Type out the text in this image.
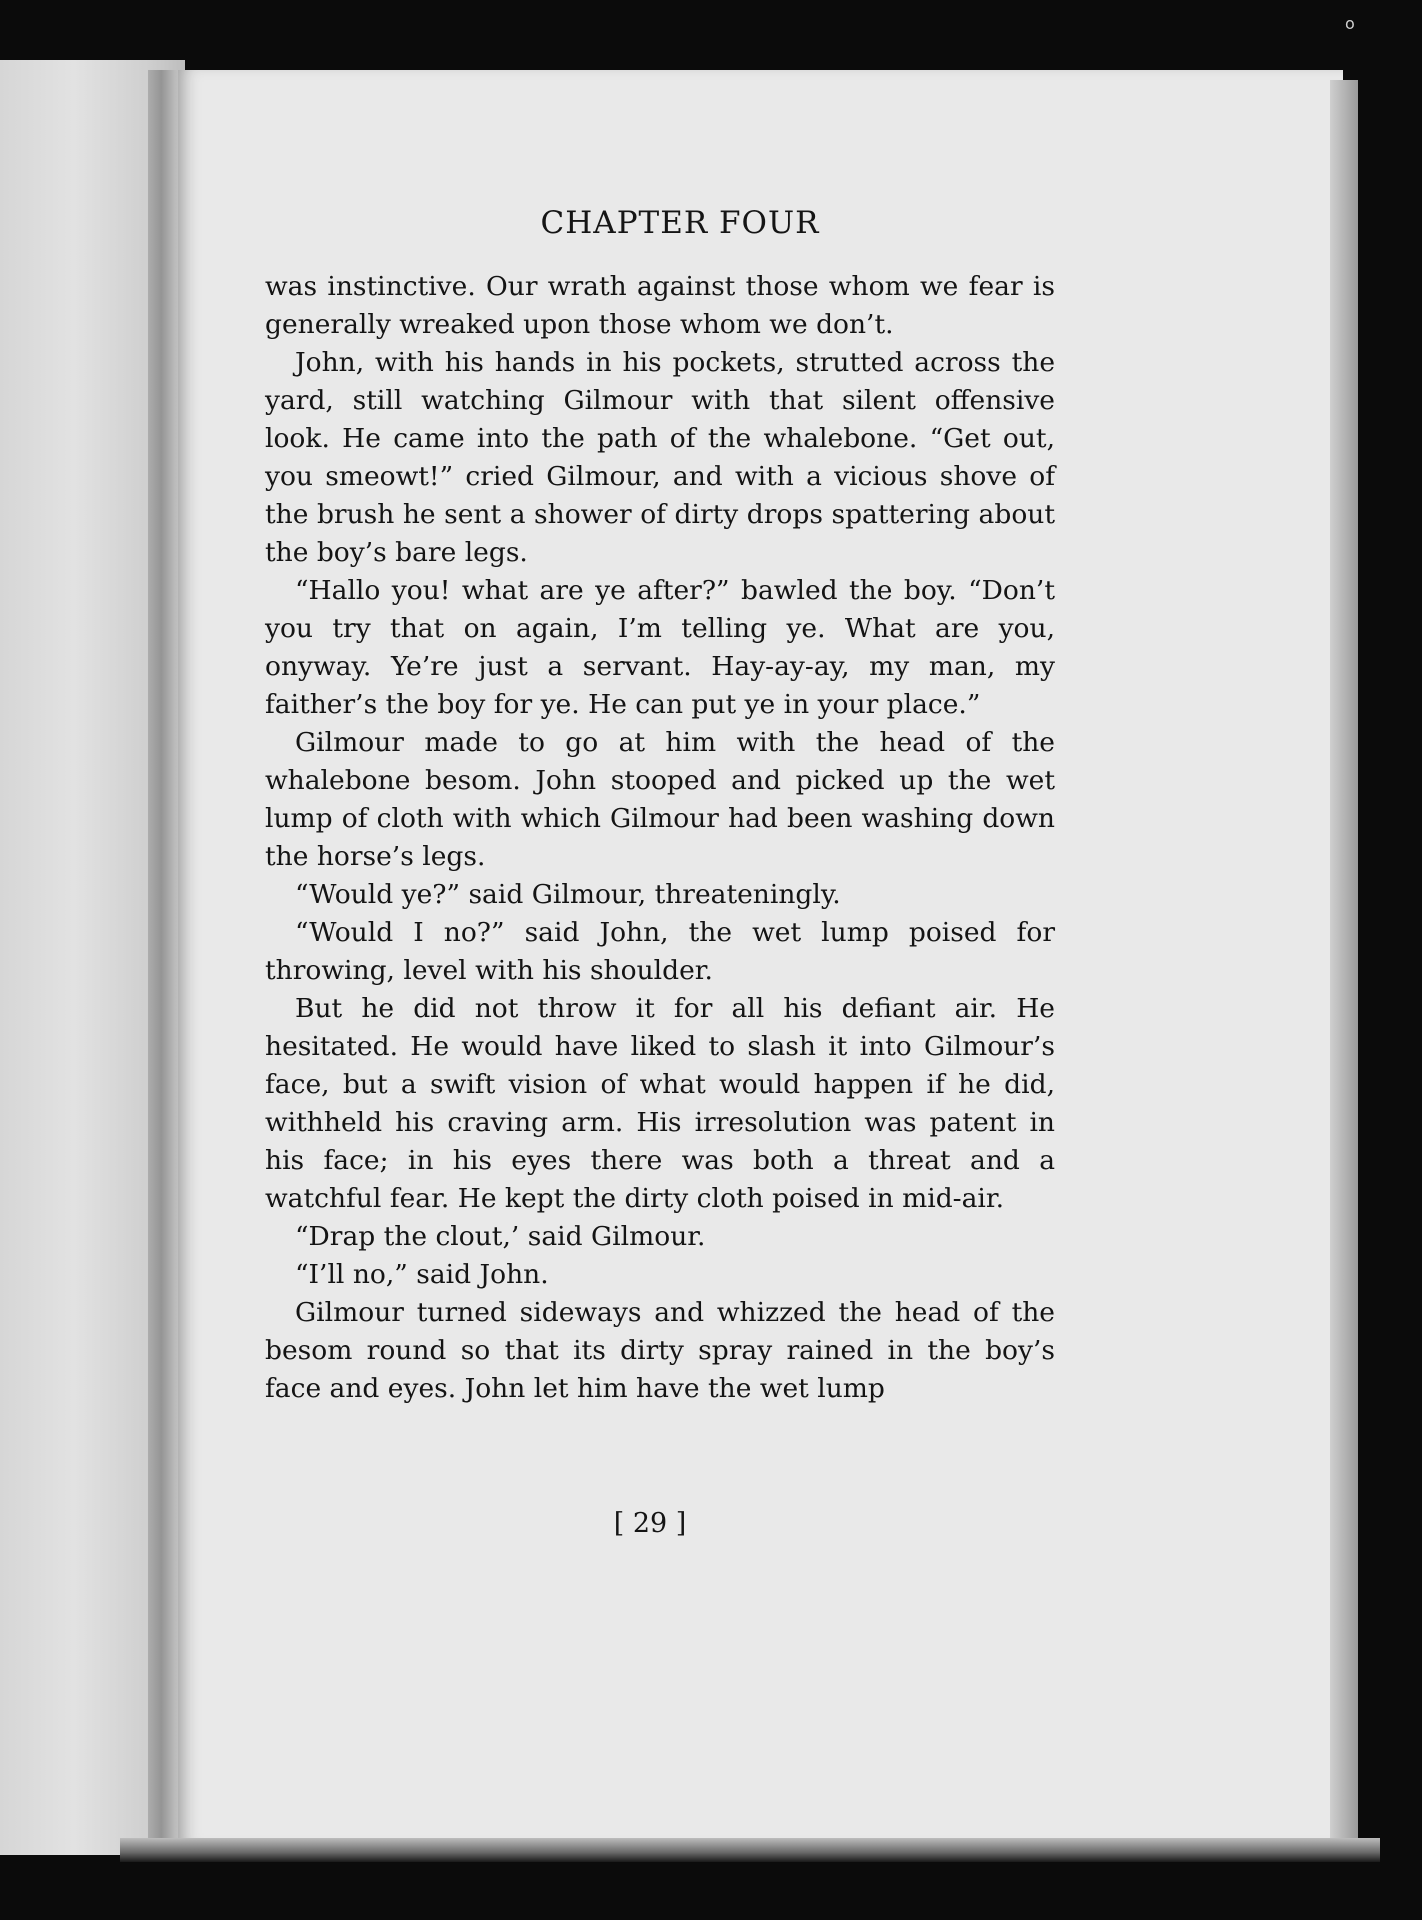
o
CHAPTER FOUR

was instinctive. Our wrath against those whom we fear is generally wreaked upon those whom we don’t.

John, with his hands in his pockets, strutted across the yard, still watching Gilmour with that silent offensive look. He came into the path of the whalebone. “Get out, you smeowt!” cried Gilmour, and with a vicious shove of the brush he sent a shower of dirty drops spattering about the boy’s bare legs.

“Hallo you! what are ye after?” bawled the boy. “Don’t you try that on again, I’m telling ye. What are you, onyway. Ye’re just a servant. Hay-ay-ay, my man, my faither’s the boy for ye. He can put ye in your place.”

Gilmour made to go at him with the head of the whalebone besom. John stooped and picked up the wet lump of cloth with which Gilmour had been washing down the horse’s legs.

“Would ye?” said Gilmour, threateningly.

“Would I no?” said John, the wet lump poised for throwing, level with his shoulder.

But he did not throw it for all his defiant air. He hesitated. He would have liked to slash it into Gilmour’s face, but a swift vision of what would happen if he did, withheld his craving arm. His irresolution was patent in his face; in his eyes there was both a threat and a watchful fear. He kept the dirty cloth poised in mid-air.

“Drap the clout,’ said Gilmour.

“I’ll no,” said John.

Gilmour turned sideways and whizzed the head of the besom round so that its dirty spray rained in the boy’s face and eyes. John let him have the wet lump

[ 29 ]
